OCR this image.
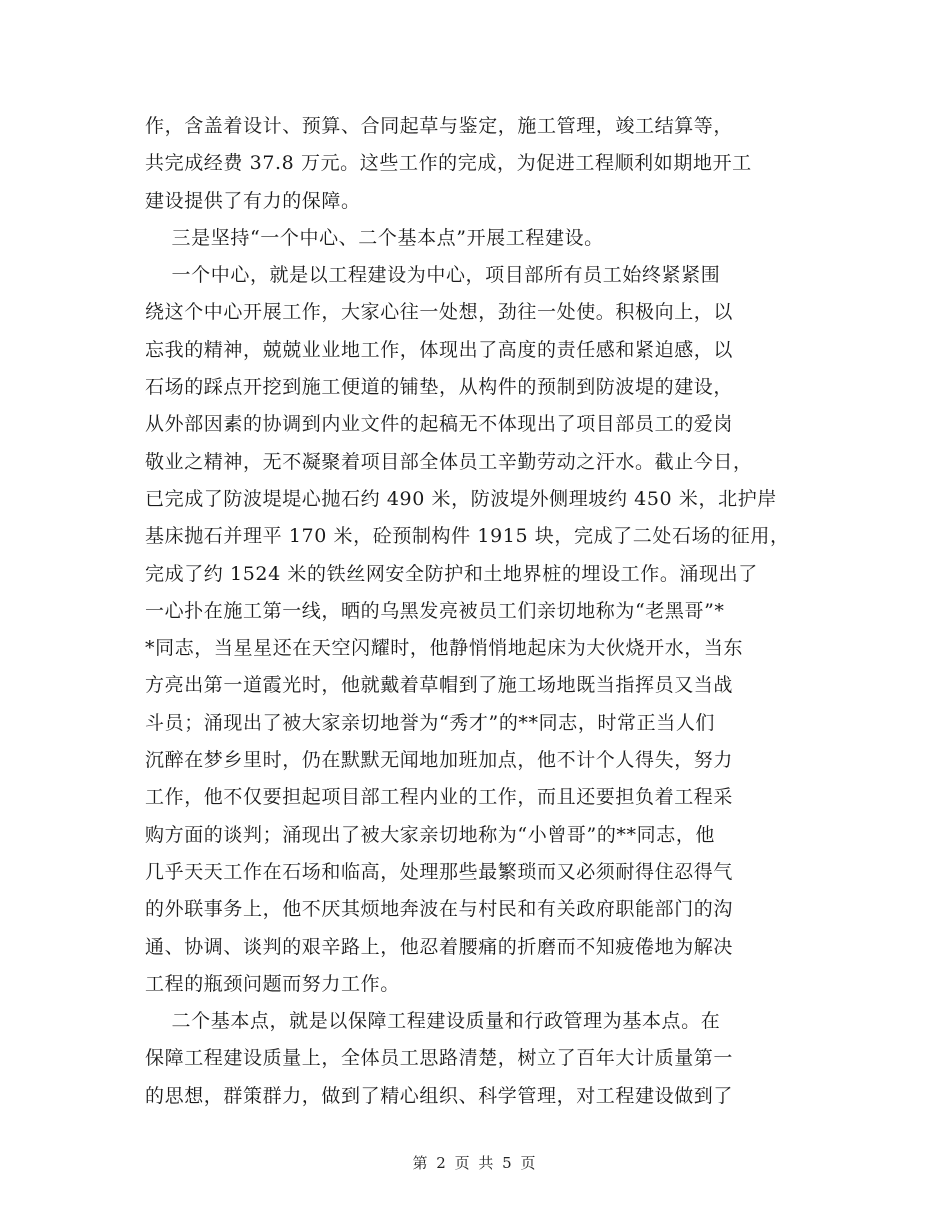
作，含盖着设计、预算、合同起草与鉴定，施工管理，竣工结算等，
共完成经费 37.8 万元。这些工作的完成，为促进工程顺利如期地开工
建设提供了有力的保障。
三是坚持“一个中心、二个基本点”开展工程建设。
一个中心，就是以工程建设为中心，项目部所有员工始终紧紧围
绕这个中心开展工作，大家心往一处想，劲往一处使。积极向上，以
忘我的精神，兢兢业业地工作，体现出了高度的责任感和紧迫感，以
石场的踩点开挖到施工便道的铺垫，从构件的预制到防波堤的建设，
从外部因素的协调到内业文件的起稿无不体现出了项目部员工的爱岗
敬业之精神，无不凝聚着项目部全体员工辛勤劳动之汗水。截止今日，
已完成了防波堤堤心抛石约 490 米，防波堤外侧理坡约 450 米，北护岸
基床抛石并理平 170 米，砼预制构件 1915 块，完成了二处石场的征用，
完成了约 1524 米的铁丝网安全防护和土地界桩的埋设工作。涌现出了
一心扑在施工第一线，晒的乌黑发亮被员工们亲切地称为“老黑哥”*
*同志，当星星还在天空闪耀时，他静悄悄地起床为大伙烧开水，当东
方亮出第一道霞光时，他就戴着草帽到了施工场地既当指挥员又当战
斗员；涌现出了被大家亲切地誉为“秀才”的**同志，时常正当人们
沉醉在梦乡里时，仍在默默无闻地加班加点，他不计个人得失，努力
工作，他不仅要担起项目部工程内业的工作，而且还要担负着工程采
购方面的谈判；涌现出了被大家亲切地称为“小曾哥”的**同志，他
几乎天天工作在石场和临高，处理那些最繁琐而又必须耐得住忍得气
的外联事务上，他不厌其烦地奔波在与村民和有关政府职能部门的沟
通、协调、谈判的艰辛路上，他忍着腰痛的折磨而不知疲倦地为解决
工程的瓶颈问题而努力工作。
二个基本点，就是以保障工程建设质量和行政管理为基本点。在
保障工程建设质量上，全体员工思路清楚，树立了百年大计质量第一
的思想，群策群力，做到了精心组织、科学管理，对工程建设做到了
第 2 页 共 5 页
